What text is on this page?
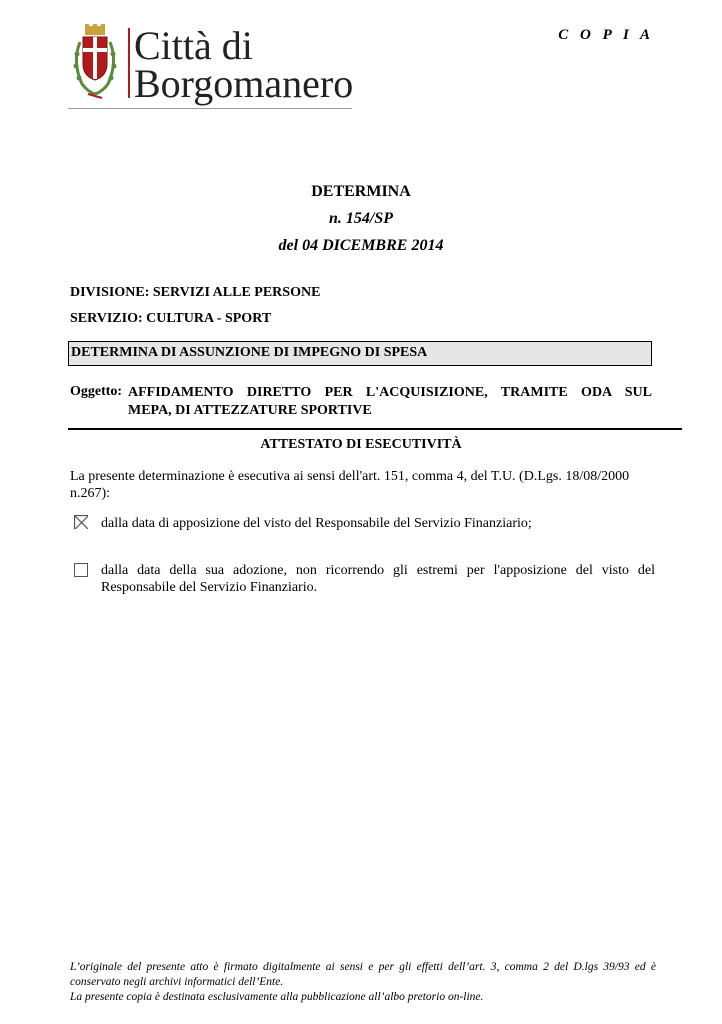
Città di
Borgomanero
C O P I A
DETERMINA
n. 154/SP
del 04 DICEMBRE 2014
DIVISIONE: SERVIZI ALLE PERSONE
SERVIZIO: CULTURA - SPORT
DETERMINA DI ASSUNZIONE DI IMPEGNO DI SPESA
Oggetto: AFFIDAMENTO DIRETTO PER L'ACQUISIZIONE, TRAMITE ODA SUL
MEPA, DI ATTEZZATURE SPORTIVE
ATTESTATO DI ESECUTIVITÀ
La presente determinazione è esecutiva ai sensi dell'art. 151, comma 4, del T.U. (D.Lgs. 18/08/2000 n.267):
dalla data di apposizione del visto del Responsabile del Servizio Finanziario;
dalla data della sua adozione, non ricorrendo gli estremi per l'apposizione del visto del Responsabile del Servizio Finanziario.
L’originale del presente atto è firmato digitalmente ai sensi e per gli effetti dell’art. 3, comma 2 del D.lgs 39/93 ed è conservato negli archivi informatici dell’Ente.
La presente copia è destinata esclusivamente alla pubblicazione all’albo pretorio on-line.
